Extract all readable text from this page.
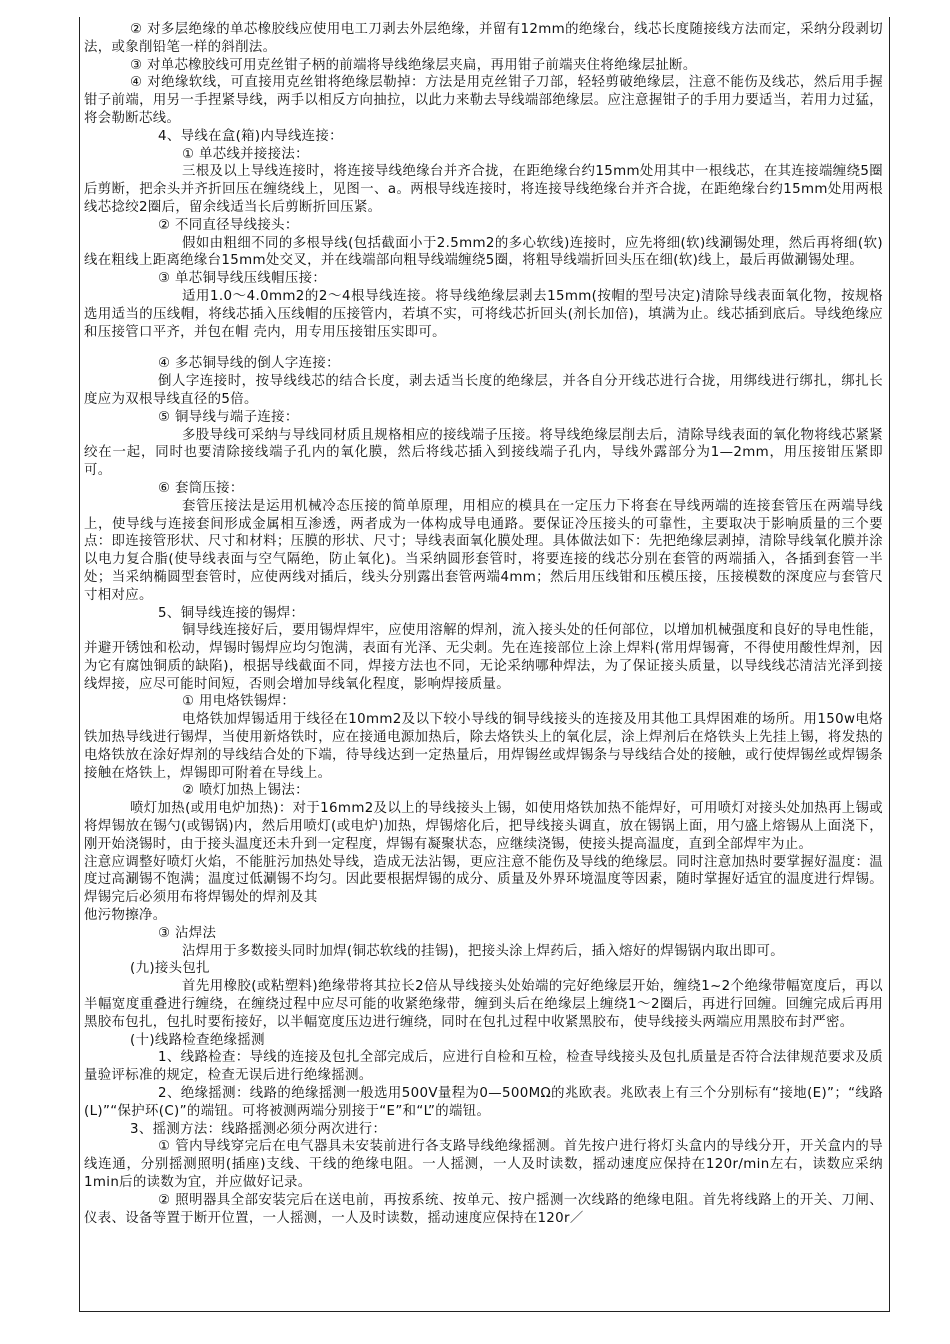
② 对多层绝缘的单芯橡胶线应使用电工刀剥去外层绝缘，并留有12mm的绝缘台，线芯长度随接线方法而定，采纳分段剥切法，或象削铅笔一样的斜削法。

③ 对单芯橡胶线可用克丝钳子柄的前端将导线绝缘层夹扁，再用钳子前端夹住将绝缘层扯断。

④ 对绝缘软线，可直接用克丝钳将绝缘层勒掉：方法是用克丝钳子刀部，轻轻剪破绝缘层，注意不能伤及线芯，然后用手握钳子前端，用另一手捏紧导线，两手以相反方向抽拉，以此力来勒去导线端部绝缘层。应注意握钳子的手用力要适当，若用力过猛，将会勒断芯线。

4、导线在盒(箱)内导线连接：

① 单芯线并接接法：

三根及以上导线连接时，将连接导线绝缘台并齐合拢，在距绝缘台约15mm处用其中一根线芯，在其连接端缠绕5圈后剪断，把余头并齐折回压在缠绕线上，见图一、a。两根导线连接时，将连接导线绝缘台并齐合拢，在距绝缘台约15mm处用两根线芯捻绞2圈后，留余线适当长后剪断折回压紧。

② 不同直径导线接头：

假如由粗细不同的多根导线(包括截面小于2.5mm2的多心软线)连接时，应先将细(软)线涮锡处理，然后再将细(软)线在粗线上距离绝缘台15mm处交叉，并在线端部向粗导线端缠绕5圈，将粗导线端折回头压在细(软)线上，最后再做涮锡处理。

③ 单芯铜导线压线帽压接：

适用1.0～4.0mm2的2～4根导线连接。将导线绝缘层剥去15mm(按帽的型号决定)清除导线表面氧化物，按规格选用适当的压线帽，将线芯插入压线帽的压接管内，若填不实，可将线芯折回头(剂长加倍)，填满为止。线芯插到底后。导线绝缘应和压接管口平齐，并包在帽 壳内，用专用压接钳压实即可。

④ 多芯铜导线的倒人字连接：

倒人字连接时，按导线线芯的结合长度，剥去适当长度的绝缘层，并各自分开线芯进行合拢，用绑线进行绑扎，绑扎长度应为双根导线直径的5倍。

⑤ 铜导线与端子连接：

多股导线可采纳与导线同材质且规格相应的接线端子压接。将导线绝缘层削去后，清除导线表面的氧化物将线芯紧紧绞在一起，同时也要清除接线端子孔内的氧化膜，然后将线芯插入到接线端子孔内，导线外露部分为1—2mm，用压接钳压紧即可。

⑥ 套筒压接：

套管压接法是运用机械冷态压接的简单原理，用相应的模具在一定压力下将套在导线两端的连接套管压在两端导线上，使导线与连接套间形成金属相互渗透，两者成为一体构成导电通路。要保证冷压接头的可靠性，主要取决于影响质量的三个要点：即连接管形状、尺寸和材料；压膜的形状、尺寸；导线表面氧化膜处理。具体做法如下：先把绝缘层剥掉，清除导线氧化膜并涂以电力复合脂(使导线表面与空气隔绝，防止氧化)。当采纳圆形套管时，将要连接的线芯分别在套管的两端插入，各插到套管一半处；当采纳椭圆型套管时，应使两线对插后，线头分别露出套管两端4mm；然后用压线钳和压模压接，压接模数的深度应与套管尺寸相对应。

5、铜导线连接的锡焊：

铜导线连接好后，要用锡焊焊牢，应使用溶解的焊剂，流入接头处的任何部位，以增加机械强度和良好的导电性能，并避开锈蚀和松动，焊锡时锡焊应均匀饱满，表面有光泽、无尖刺。先在连接部位上涂上焊料(常用焊锡膏，不得使用酸性焊剂，因为它有腐蚀铜质的缺陷)，根据导线截面不同，焊接方法也不同，无论采纳哪种焊法，为了保证接头质量，以导线线芯清洁光泽到接线焊接，应尽可能时间短，否则会增加导线氧化程度，影响焊接质量。

① 用电烙铁锡焊：

电烙铁加焊锡适用于线径在10mm2及以下较小导线的铜导线接头的连接及用其他工具焊困难的场所。用150w电烙铁加热导线进行锡焊，当使用新烙铁时，应在接通电源加热后，除去烙铁头上的氧化层，涂上焊剂后在烙铁头上先挂上锡，将发热的电烙铁放在涂好焊剂的导线结合处的下端，待导线达到一定热量后，用焊锡丝或焊锡条与导线结合处的接触，或行使焊锡丝或焊锡条接触在烙铁上，焊锡即可附着在导线上。

② 喷灯加热上锡法：

喷灯加热(或用电炉加热)：对于16mm2及以上的导线接头上锡，如使用烙铁加热不能焊好，可用喷灯对接头处加热再上锡或将焊锡放在锡勺(或锡锅)内，然后用喷灯(或电炉)加热，焊锡熔化后，把导线接头调直，放在锡锅上面，用勺盛上熔锡从上面浇下，刚开始浇锡时，由于接头温度还未升到一定程度，焊锡有凝聚状态，应继续浇锡，使接头提高温度，直到全部焊牢为止。

注意应调整好喷灯火焰，不能脏污加热处导线，造成无法沾锡，更应注意不能伤及导线的绝缘层。同时注意加热时要掌握好温度：温度过高涮锡不饱满；温度过低涮锡不均匀。因此要根据焊锡的成分、质量及外界环境温度等因素，随时掌握好适宜的温度进行焊锡。焊锡完后必须用布将焊锡处的焊剂及其

他污物擦净。

③ 沾焊法

沾焊用于多数接头同时加焊(铜芯软线的挂锡)，把接头涂上焊药后，插入熔好的焊锡锅内取出即可。

(九)接头包扎

首先用橡胶(或粘塑料)绝缘带将其拉长2倍从导线接头处始端的完好绝缘层开始，缠绕1~2个绝缘带幅宽度后，再以半幅宽度重叠进行缠绕，在缠绕过程中应尽可能的收紧绝缘带，缠到头后在绝缘层上缠绕1～2圈后，再进行回缠。回缠完成后再用黑胶布包扎，包扎时要衔接好，以半幅宽度压边进行缠绕，同时在包扎过程中收紧黑胶布，使导线接头两端应用黑胶布封严密。

(十)线路检查绝缘摇测

1、线路检查：导线的连接及包扎全部完成后，应进行自检和互检，检查导线接头及包扎质量是否符合法律规范要求及质量验评标准的规定，检查无误后进行绝缘摇测。

2、绝缘摇测：线路的绝缘摇测一般选用500V量程为0—500MΩ的兆欧表。兆欧表上有三个分别标有“接地(E)”；“线路(L)”“保护环(C)”的端钮。可将被测两端分别接于“E”和“L”的端钮。

3、摇测方法：线路摇测必须分两次进行：

① 管内导线穿完后在电气器具未安装前进行各支路导线绝缘摇测。首先按户进行将灯头盒内的导线分开，开关盒内的导线连通，分别摇测照明(插座)支线、干线的绝缘电阻。一人摇测，一人及时读数，摇动速度应保持在120r/min左右，读数应采纳1min后的读数为宜，并应做好记录。

② 照明器具全部安装完后在送电前，再按系统、按单元、按户摇测一次线路的绝缘电阻。首先将线路上的开关、刀闸、仪表、设备等置于断开位置，一人摇测，一人及时读数，摇动速度应保持在120r／
